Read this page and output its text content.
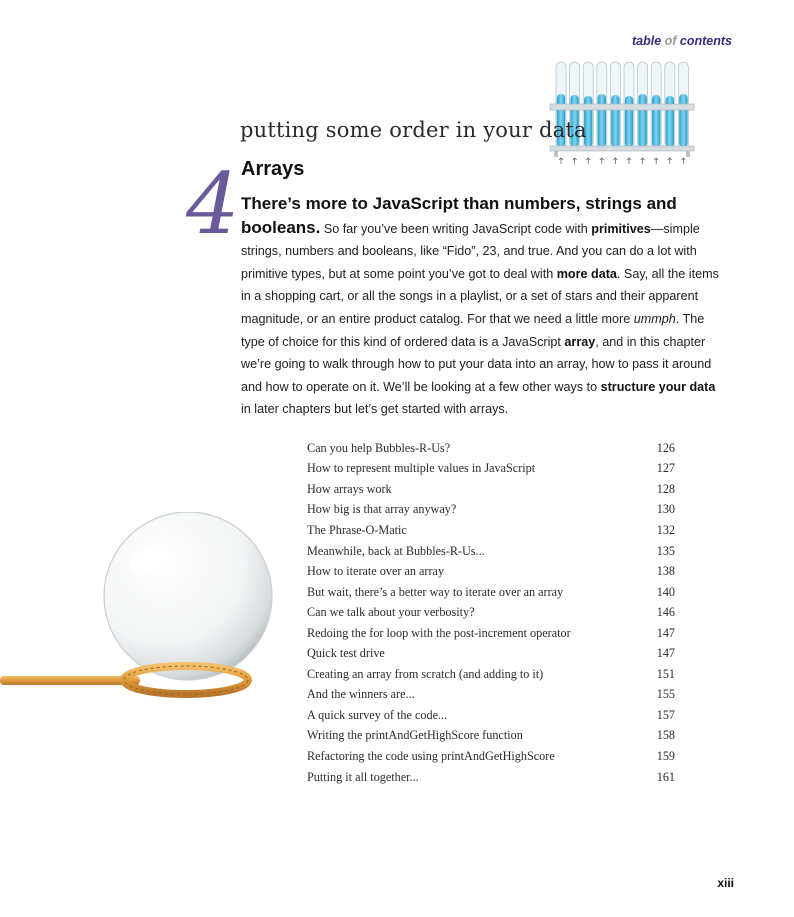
table of contents
4
putting some order in your data
Arrays
There’s more to JavaScript than numbers, strings and booleans. So far you’ve been writing JavaScript code with primitives—simple strings, numbers and booleans, like “Fido”, 23, and true. And you can do a lot with primitive types, but at some point you’ve got to deal with more data. Say, all the items in a shopping cart, or all the songs in a playlist, or a set of stars and their apparent magnitude, or an entire product catalog. For that we need a little more ummph. The type of choice for this kind of ordered data is a JavaScript array, and in this chapter we’re going to walk through how to put your data into an array, how to pass it around and how to operate on it. We’ll be looking at a few other ways to structure your data in later chapters but let’s get started with arrays.
Can you help Bubbles-R-Us?	126
How to represent multiple values in JavaScript	127
How arrays work	128
How big is that array anyway?	130
The Phrase-O-Matic	132
Meanwhile, back at Bubbles-R-Us...	135
How to iterate over an array	138
But wait, there’s a better way to iterate over an array	140
Can we talk about your verbosity?	146
Redoing the for loop with the post-increment operator	147
Quick test drive	147
Creating an array from scratch (and adding to it)	151
And the winners are...	155
A quick survey of the code...	157
Writing the printAndGetHighScore function	158
Refactoring the code using printAndGetHighScore	159
Putting it all together...	161
xiii
